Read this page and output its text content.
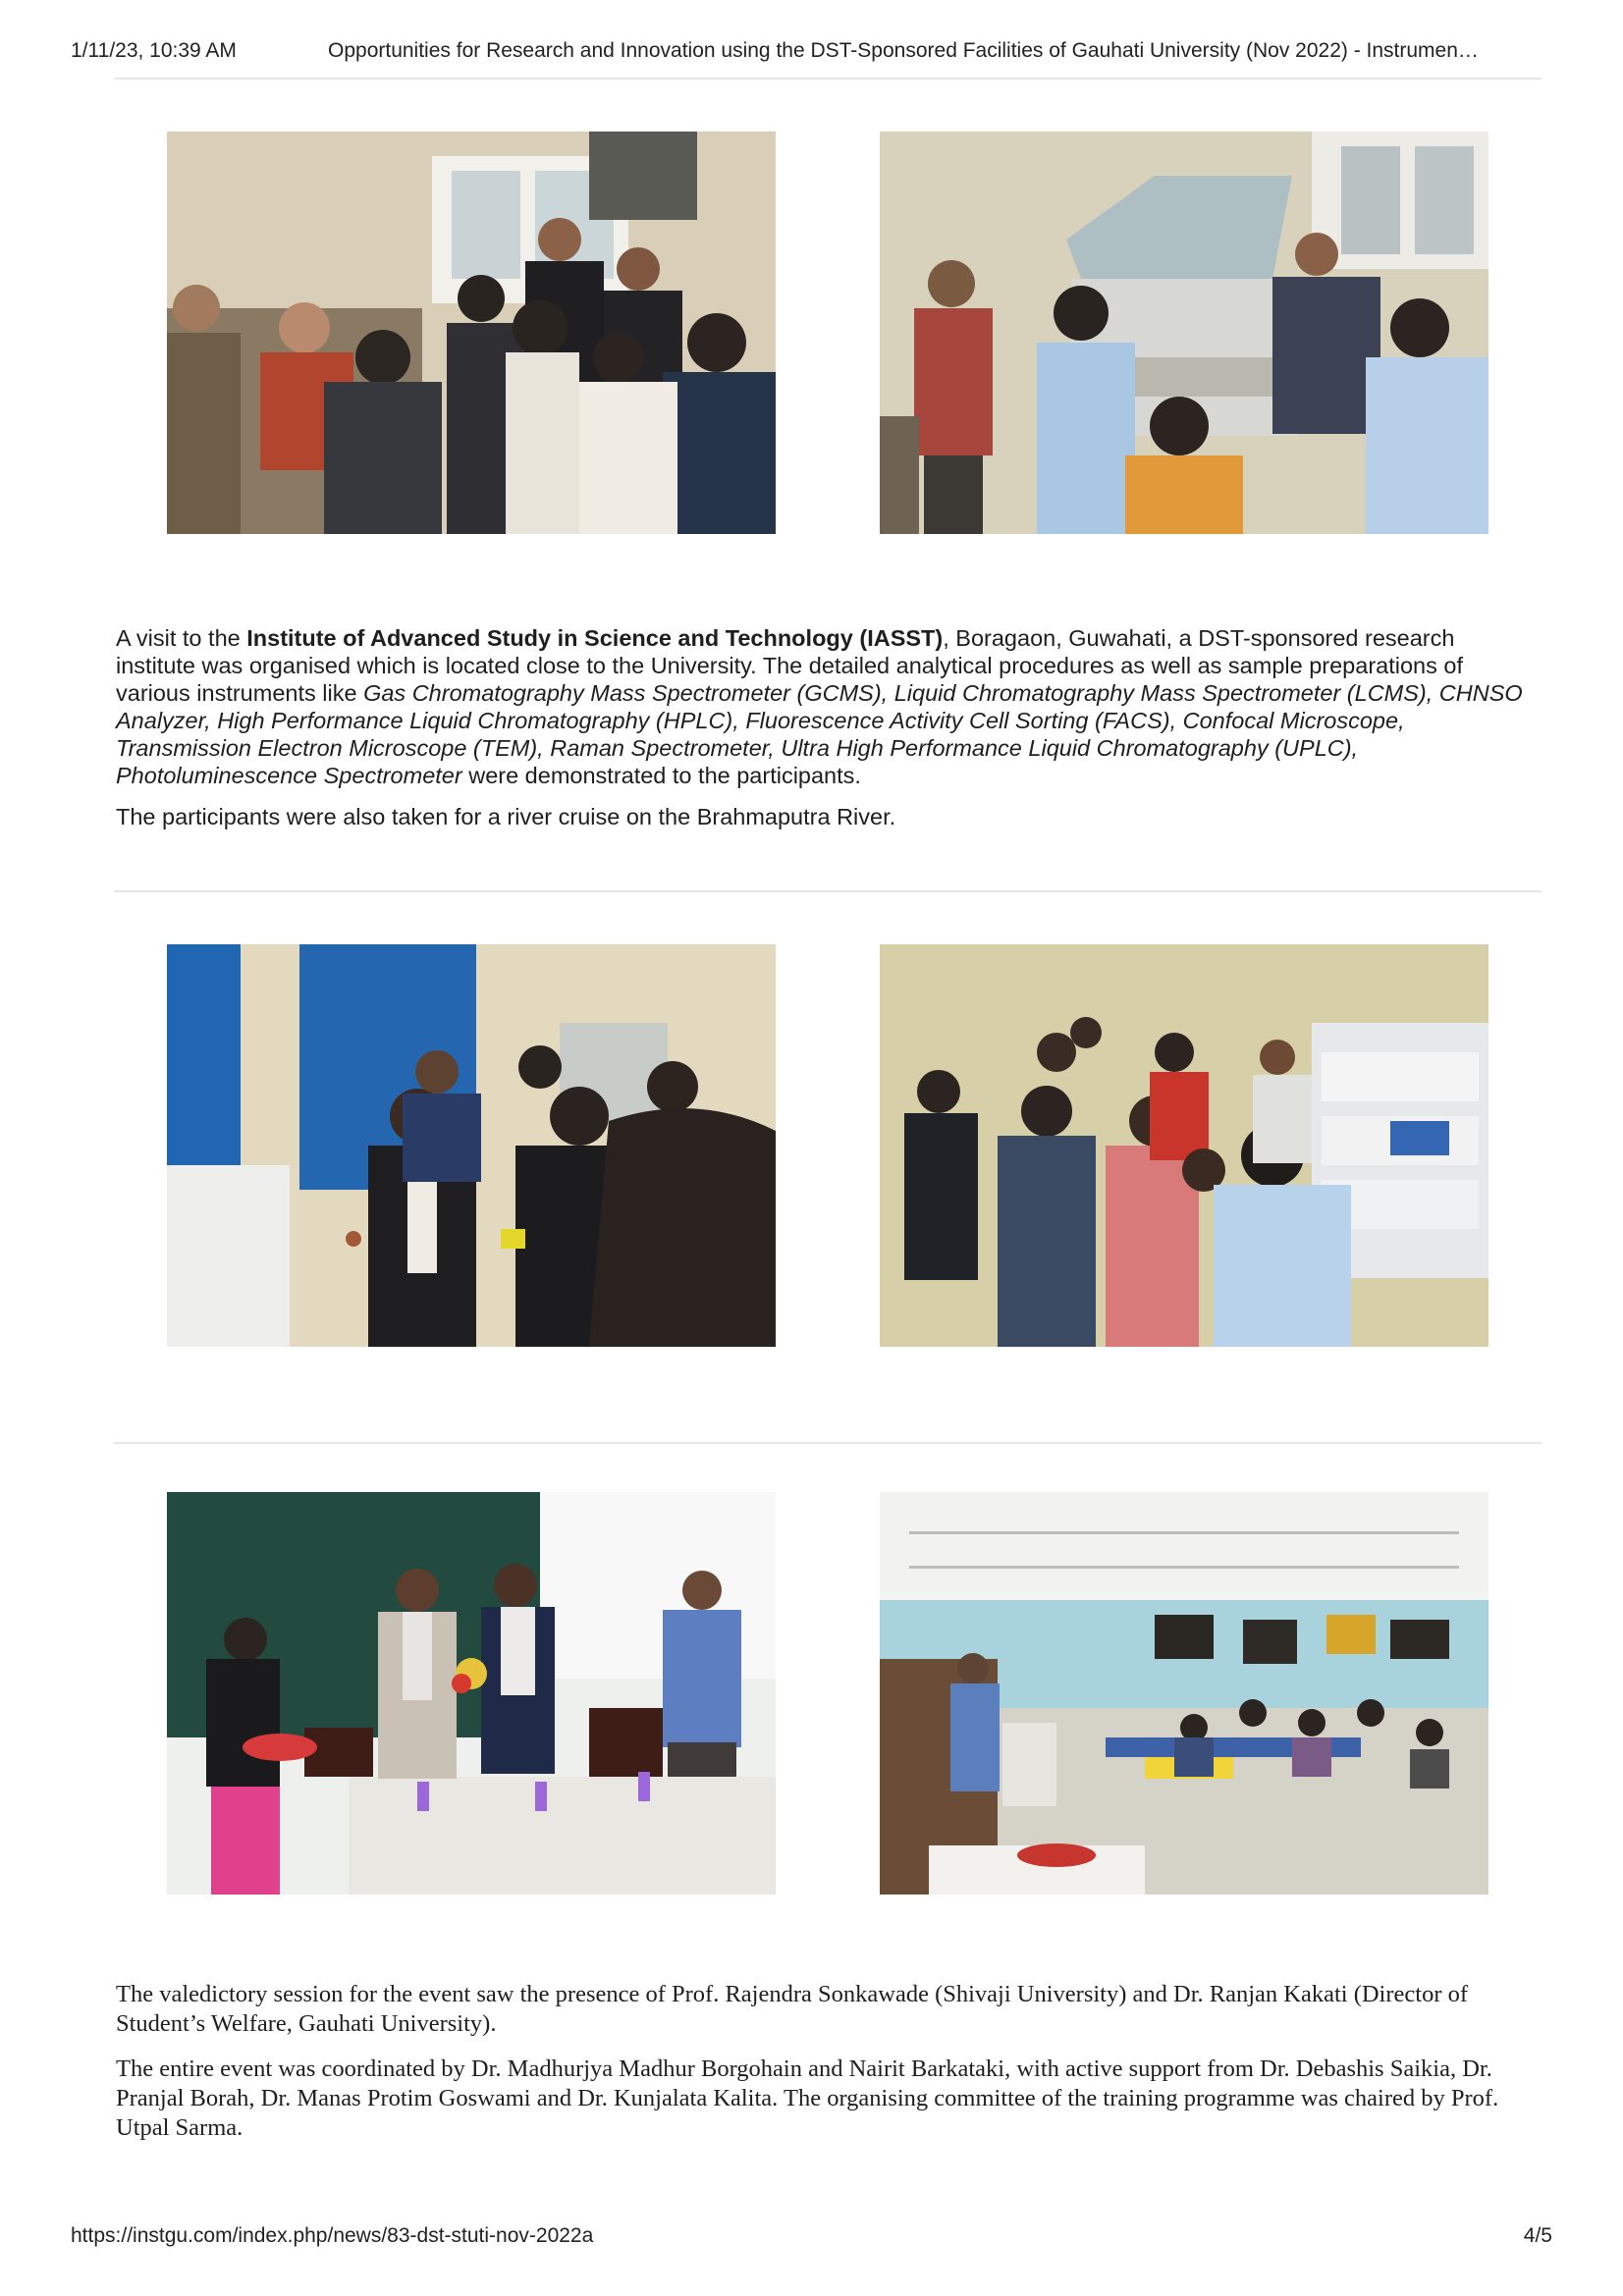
1/11/23, 10:39 AM	Opportunities for Research and Innovation using the DST-Sponsored Facilities of Gauhati University (Nov 2022) - Instrumen…

A visit to the Institute of Advanced Study in Science and Technology (IASST), Boragaon, Guwahati, a DST-sponsored research institute was organised which is located close to the University. The detailed analytical procedures as well as sample preparations of various instruments like Gas Chromatography Mass Spectrometer (GCMS), Liquid Chromatography Mass Spectrometer (LCMS), CHNSO Analyzer, High Performance Liquid Chromatography (HPLC), Fluorescence Activity Cell Sorting (FACS), Confocal Microscope, Transmission Electron Microscope (TEM), Raman Spectrometer, Ultra High Performance Liquid Chromatography (UPLC), Photoluminescence Spectrometer were demonstrated to the participants.

The participants were also taken for a river cruise on the Brahmaputra River.

The valedictory session for the event saw the presence of Prof. Rajendra Sonkawade (Shivaji University) and Dr. Ranjan Kakati (Director of Student’s Welfare, Gauhati University).

The entire event was coordinated by Dr. Madhurjya Madhur Borgohain and Nairit Barkataki, with active support from Dr. Debashis Saikia, Dr. Pranjal Borah, Dr. Manas Protim Goswami and Dr. Kunjalata Kalita. The organising committee of the training programme was chaired by Prof. Utpal Sarma.

https://instgu.com/index.php/news/83-dst-stuti-nov-2022a	4/5
